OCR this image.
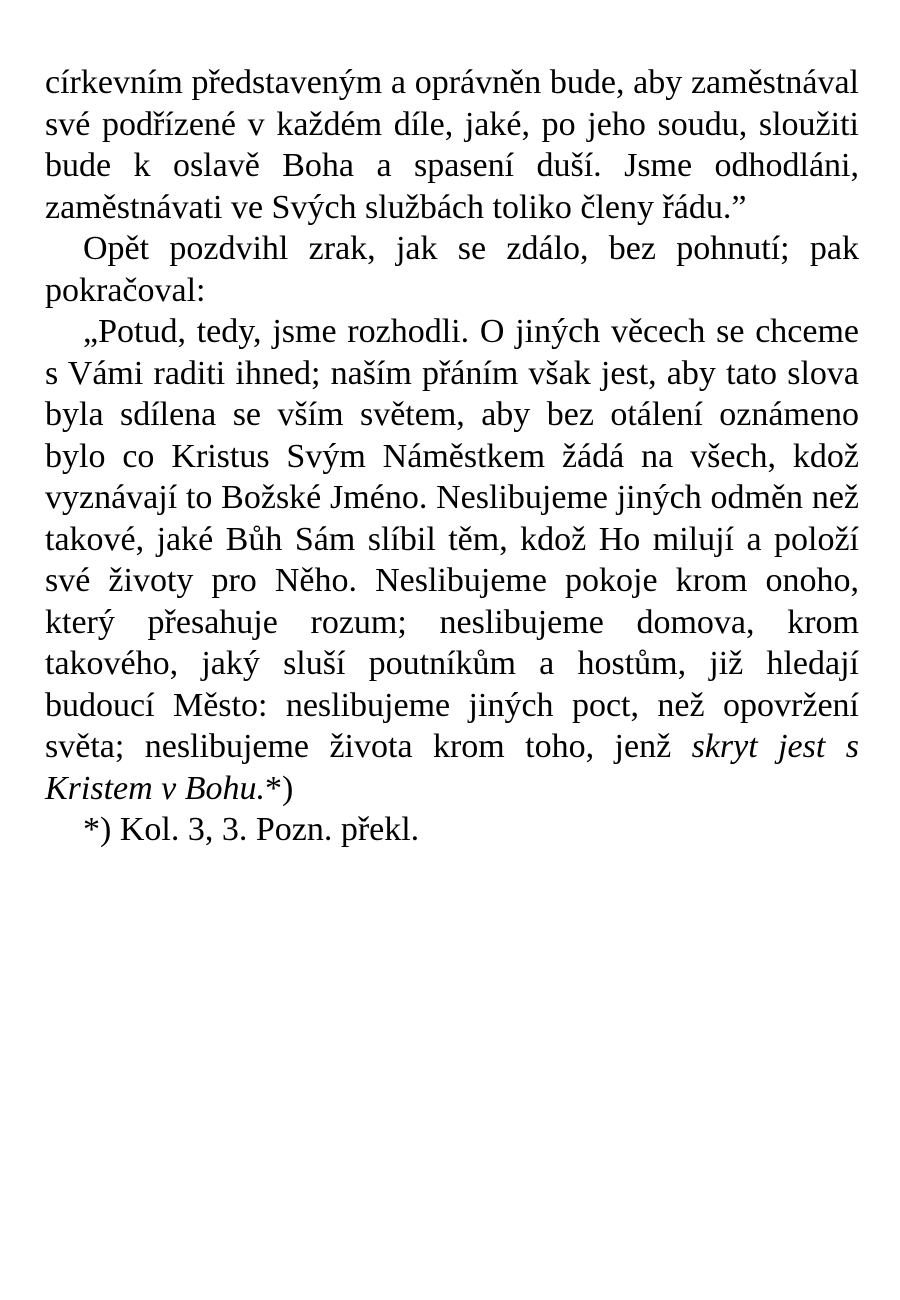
církevním představeným a oprávněn bude, aby zaměstnával své podřízené v každém díle, jaké, po jeho soudu, sloužiti bude k oslavě Boha a spasení duší. Jsme odhodláni, zaměstnávati ve Svých službách toliko členy řádu.”

Opět pozdvihl zrak, jak se zdálo, bez pohnutí; pak pokračoval:

„Potud, tedy, jsme rozhodli. O jiných věcech se chceme s Vámi raditi ihned; naším přáním však jest, aby tato slova byla sdílena se vším světem, aby bez otálení oznámeno bylo co Kristus Svým Náměstkem žádá na všech, kdož vyznávají to Božské Jméno. Neslibujeme jiných odměn než takové, jaké Bůh Sám slíbil těm, kdož Ho milují a položí své životy pro Něho. Neslibujeme pokoje krom onoho, který přesahuje rozum; neslibujeme domova, krom takového, jaký sluší poutníkům a hostům, již hledají budoucí Město: neslibujeme jiných poct, než opovržení světa; neslibujeme života krom toho, jenž skryt jest s Kristem v Bohu.*)

*) Kol. 3, 3. Pozn. překl.
